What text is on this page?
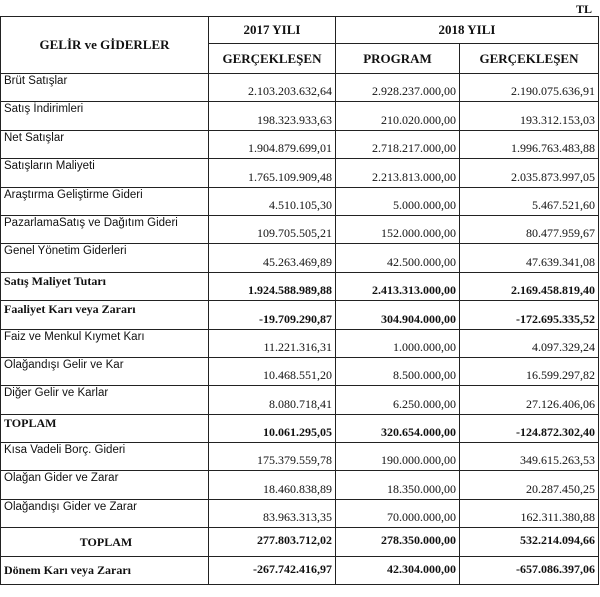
TL
GELİR ve GİDERLER	2017 YILI	2018 YILI	
	GERÇEKLEŞEN	PROGRAM	GERÇEKLEŞEN
Brüt Satışlar	2.103.203.632,64	2.928.237.000,00	2.190.075.636,91
Satış İndirimleri	198.323.933,63	210.020.000,00	193.312.153,03
Net Satışlar	1.904.879.699,01	2.718.217.000,00	1.996.763.483,88
Satışların Maliyeti	1.765.109.909,48	2.213.813.000,00	2.035.873.997,05
Araştırma Geliştirme Gideri	4.510.105,30	5.000.000,00	5.467.521,60
PazarlamaSatış ve Dağıtım Gideri	109.705.505,21	152.000.000,00	80.477.959,67
Genel Yönetim Giderleri	45.263.469,89	42.500.000,00	47.639.341,08
Satış Maliyet Tutarı	1.924.588.989,88	2.413.313.000,00	2.169.458.819,40
Faaliyet Karı veya Zararı	-19.709.290,87	304.904.000,00	-172.695.335,52
Faiz ve Menkul Kıymet Karı	11.221.316,31	1.000.000,00	4.097.329,24
Olağandışı Gelir ve Kar	10.468.551,20	8.500.000,00	16.599.297,82
Diğer Gelir ve Karlar	8.080.718,41	6.250.000,00	27.126.406,06
TOPLAM	10.061.295,05	320.654.000,00	-124.872.302,40
Kısa Vadeli Borç. Gideri	175.379.559,78	190.000.000,00	349.615.263,53
Olağan Gider ve Zarar	18.460.838,89	18.350.000,00	20.287.450,25
Olağandışı Gider ve Zarar	83.963.313,35	70.000.000,00	162.311.380,88
TOPLAM	277.803.712,02	278.350.000,00	532.214.094,66
Dönem Karı veya Zararı	-267.742.416,97	42.304.000,00	-657.086.397,06
